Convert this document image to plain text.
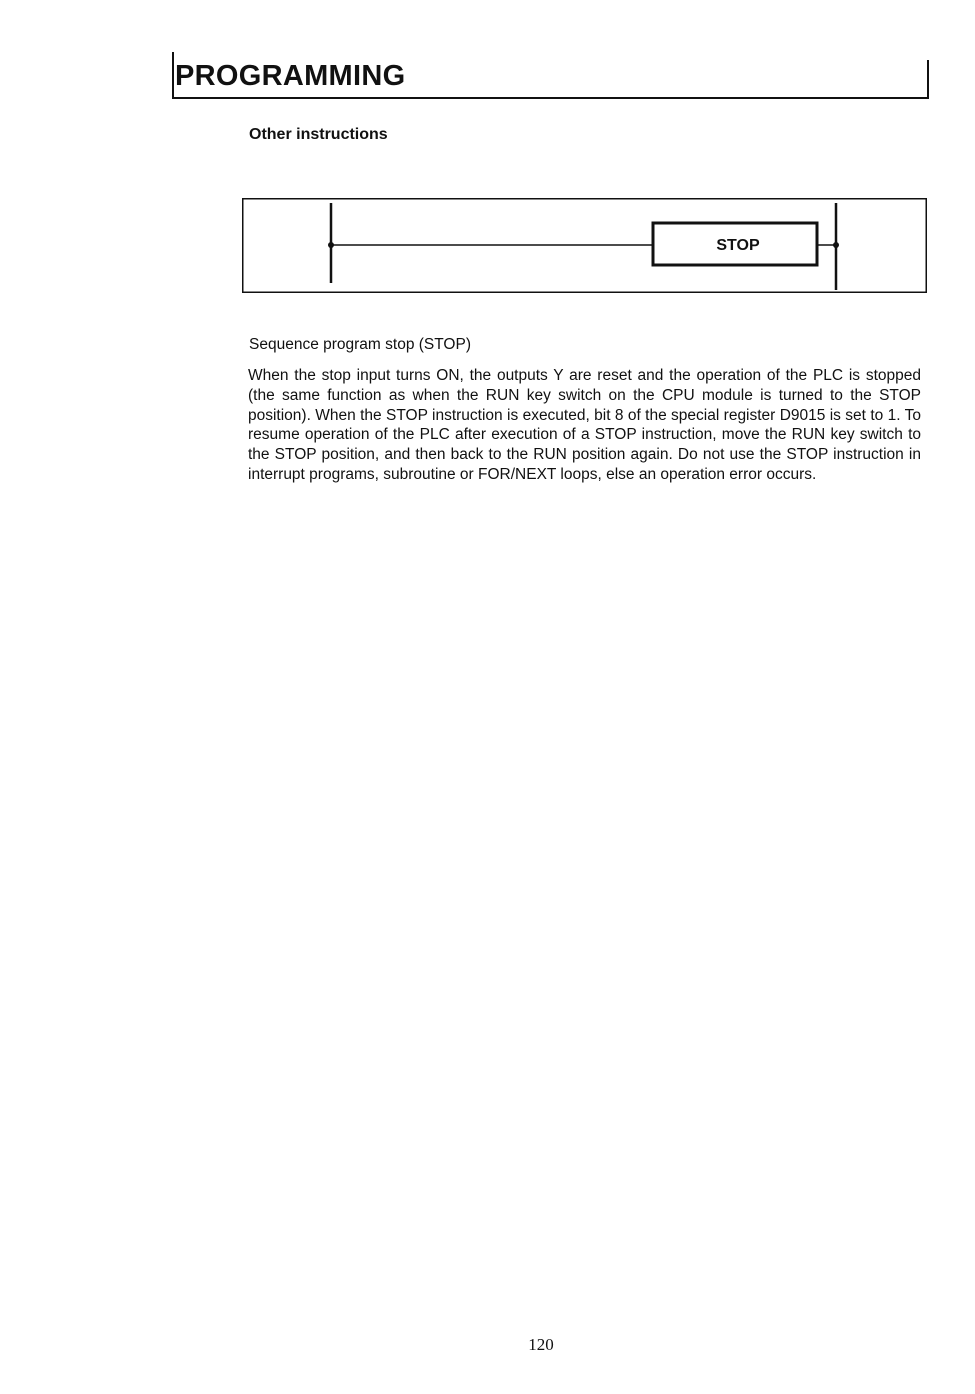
PROGRAMMING
Other instructions
STOP

Sequence program stop (STOP)

When the stop input turns ON, the outputs Y are reset and the operation of the PLC is stopped (the same function as when the RUN key switch on the CPU module is turned to the STOP position). When the STOP instruction is executed, bit 8 of the special register D9015 is set to 1. To resume operation of the PLC after execution of a STOP instruction, move the RUN key switch to the STOP position, and then back to the RUN position again. Do not use the STOP instruction in interrupt programs, subroutine or FOR/NEXT loops, else an operation error occurs.

120
